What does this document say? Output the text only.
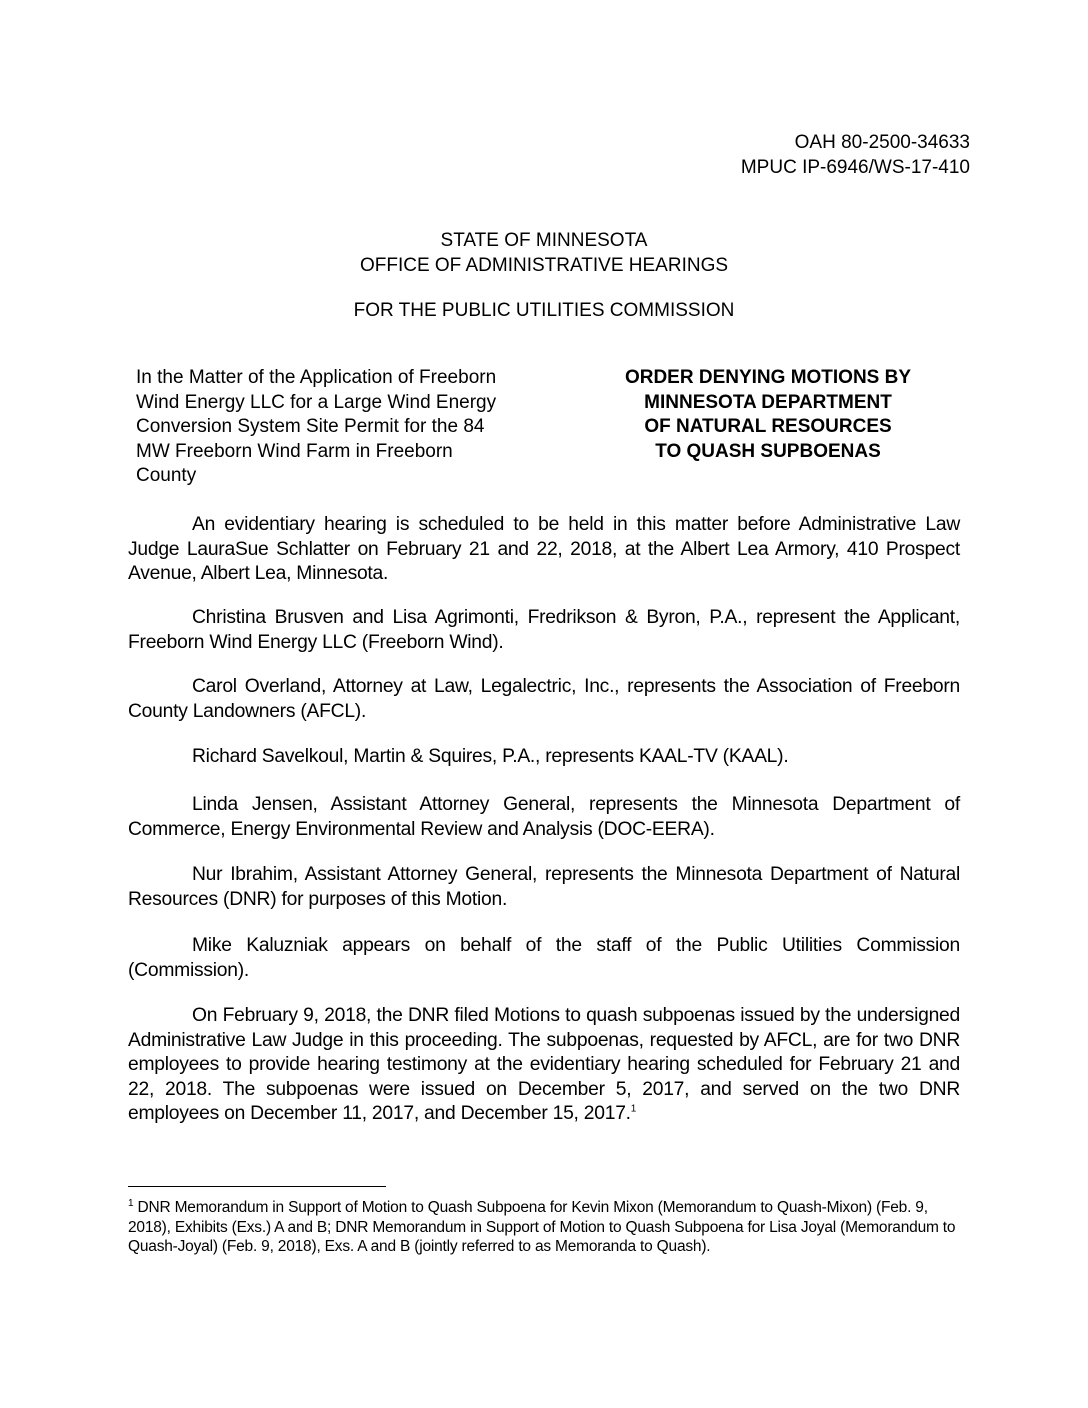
OAH 80-2500-34633
MPUC IP-6946/WS-17-410
STATE OF MINNESOTA
OFFICE OF ADMINISTRATIVE HEARINGS
FOR THE PUBLIC UTILITIES COMMISSION
In the Matter of the Application of Freeborn
Wind Energy LLC for a Large Wind Energy
Conversion System Site Permit for the 84
MW Freeborn Wind Farm in Freeborn
County
ORDER DENYING MOTIONS BY
MINNESOTA DEPARTMENT
OF NATURAL RESOURCES
TO QUASH SUPBOENAS

An evidentiary hearing is scheduled to be held in this matter before Administrative Law Judge LauraSue Schlatter on February 21 and 22, 2018, at the Albert Lea Armory, 410 Prospect Avenue, Albert Lea, Minnesota.

Christina Brusven and Lisa Agrimonti, Fredrikson & Byron, P.A., represent the Applicant, Freeborn Wind Energy LLC (Freeborn Wind).

Carol Overland, Attorney at Law, Legalectric, Inc., represents the Association of Freeborn County Landowners (AFCL).

Richard Savelkoul, Martin & Squires, P.A., represents KAAL-TV (KAAL).

Linda Jensen, Assistant Attorney General, represents the Minnesota Department of Commerce, Energy Environmental Review and Analysis (DOC-EERA).

Nur Ibrahim, Assistant Attorney General, represents the Minnesota Department of Natural Resources (DNR) for purposes of this Motion.

Mike Kaluzniak appears on behalf of the staff of the Public Utilities Commission (Commission).

On February 9, 2018, the DNR filed Motions to quash subpoenas issued by the undersigned Administrative Law Judge in this proceeding. The subpoenas, requested by AFCL, are for two DNR employees to provide hearing testimony at the evidentiary hearing scheduled for February 21 and 22, 2018. The subpoenas were issued on December 5, 2017, and served on the two DNR employees on December 11, 2017, and December 15, 2017.$^1$

$^1$ DNR Memorandum in Support of Motion to Quash Subpoena for Kevin Mixon (Memorandum to Quash-Mixon) (Feb. 9, 2018), Exhibits (Exs.) A and B; DNR Memorandum in Support of Motion to Quash Subpoena for Lisa Joyal (Memorandum to Quash-Joyal) (Feb. 9, 2018), Exs. A and B (jointly referred to as Memoranda to Quash).
